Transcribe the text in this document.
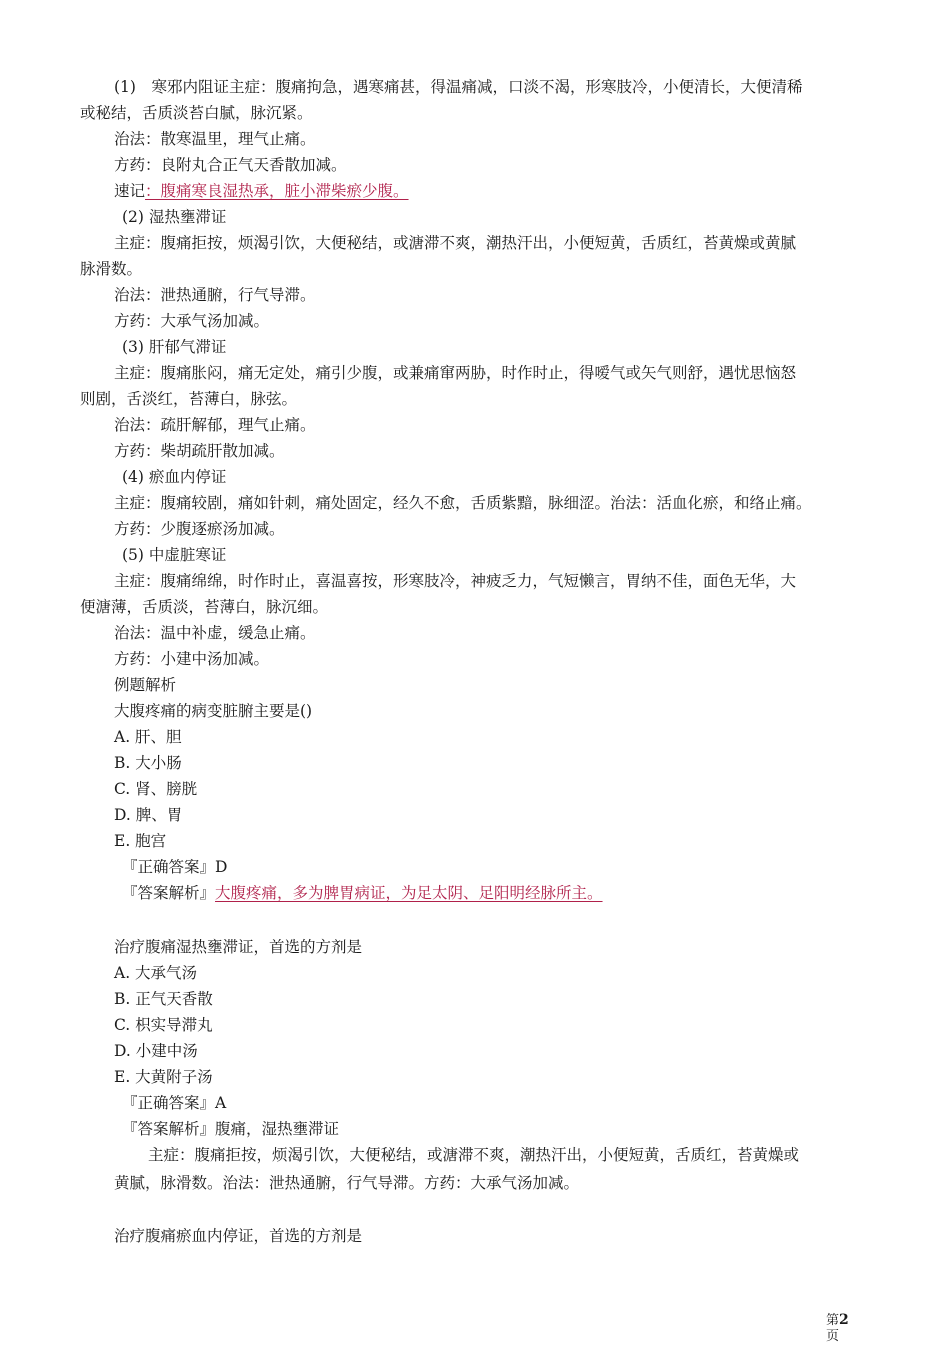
(1)　寒邪内阻证主症：腹痛拘急，遇寒痛甚，得温痛减，口淡不渴，形寒肢冷，小便清长，大便清稀
或秘结，舌质淡苔白腻，脉沉紧。
治法：散寒温里，理气止痛。
方药：良附丸合正气天香散加减。
速记：腹痛寒良湿热承，脏小滞柴瘀少腹。
(2) 湿热壅滞证
主症：腹痛拒按，烦渴引饮，大便秘结，或溏滞不爽，潮热汗出，小便短黄，舌质红，苔黄燥或黄腻
脉滑数。
治法：泄热通腑，行气导滞。
方药：大承气汤加减。
(3) 肝郁气滞证
主症：腹痛胀闷，痛无定处，痛引少腹，或兼痛窜两胁，时作时止，得嗳气或矢气则舒，遇忧思恼怒
则剧，舌淡红，苔薄白，脉弦。
治法：疏肝解郁，理气止痛。
方药：柴胡疏肝散加减。
(4) 瘀血内停证
主症：腹痛较剧，痛如针刺，痛处固定，经久不愈，舌质紫黯，脉细涩。治法：活血化瘀，和络止痛。
方药：少腹逐瘀汤加减。
(5) 中虚脏寒证
主症：腹痛绵绵，时作时止，喜温喜按，形寒肢冷，神疲乏力，气短懒言，胃纳不佳，面色无华，大
便溏薄，舌质淡，苔薄白，脉沉细。
治法：温中补虚，缓急止痛。
方药：小建中汤加减。
例题解析
大腹疼痛的病变脏腑主要是()
A. 肝、胆
B. 大小肠
C. 肾、膀胱
D. 脾、胃
E. 胞宫
『正确答案』D
『答案解析』大腹疼痛，多为脾胃病证，为足太阴、足阳明经脉所主。
治疗腹痛湿热壅滞证，首选的方剂是
A. 大承气汤
B. 正气天香散
C. 枳实导滞丸
D. 小建中汤
E. 大黄附子汤
『正确答案』A
『答案解析』腹痛，湿热壅滞证
主症：腹痛拒按，烦渴引饮，大便秘结，或溏滞不爽，潮热汗出，小便短黄，舌质红，苔黄燥或
黄腻，脉滑数。治法：泄热通腑，行气导滞。方药：大承气汤加减。
治疗腹痛瘀血内停证，首选的方剂是
第2
页
